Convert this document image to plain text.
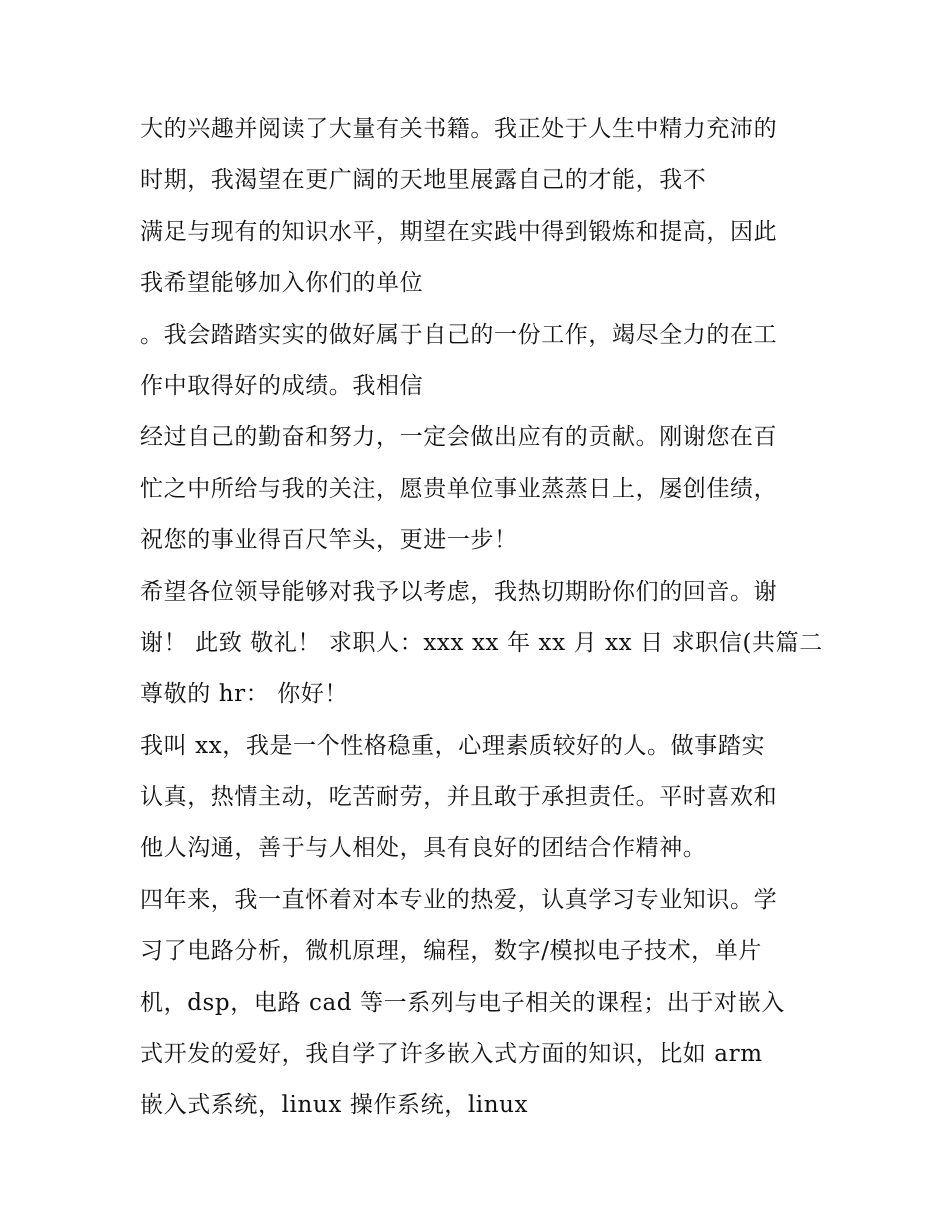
大的兴趣并阅读了大量有关书籍。我正处于人生中精力充沛的
时期，我渴望在更广阔的天地里展露自己的才能，我不
满足与现有的知识水平，期望在实践中得到锻炼和提高，因此
我希望能够加入你们的单位
。我会踏踏实实的做好属于自己的一份工作，竭尽全力的在工
作中取得好的成绩。我相信
经过自己的勤奋和努力，一定会做出应有的贡献。刚谢您在百
忙之中所给与我的关注，愿贵单位事业蒸蒸日上，屡创佳绩，
祝您的事业得百尺竿头，更进一步！
希望各位领导能够对我予以考虑，我热切期盼你们的回音。谢
谢！ 此致 敬礼！ 求职人：xxx xx 年 xx 月 xx 日 求职信(共篇二
尊敬的 hr： 你好！
我叫 xx，我是一个性格稳重，心理素质较好的人。做事踏实
认真，热情主动，吃苦耐劳，并且敢于承担责任。平时喜欢和
他人沟通，善于与人相处，具有良好的团结合作精神。
四年来，我一直怀着对本专业的热爱，认真学习专业知识。学
习了电路分析，微机原理，编程，数字/模拟电子技术，单片
机，dsp，电路 cad 等一系列与电子相关的课程；出于对嵌入
式开发的爱好，我自学了许多嵌入式方面的知识，比如 arm
嵌入式系统，linux 操作系统，linux
